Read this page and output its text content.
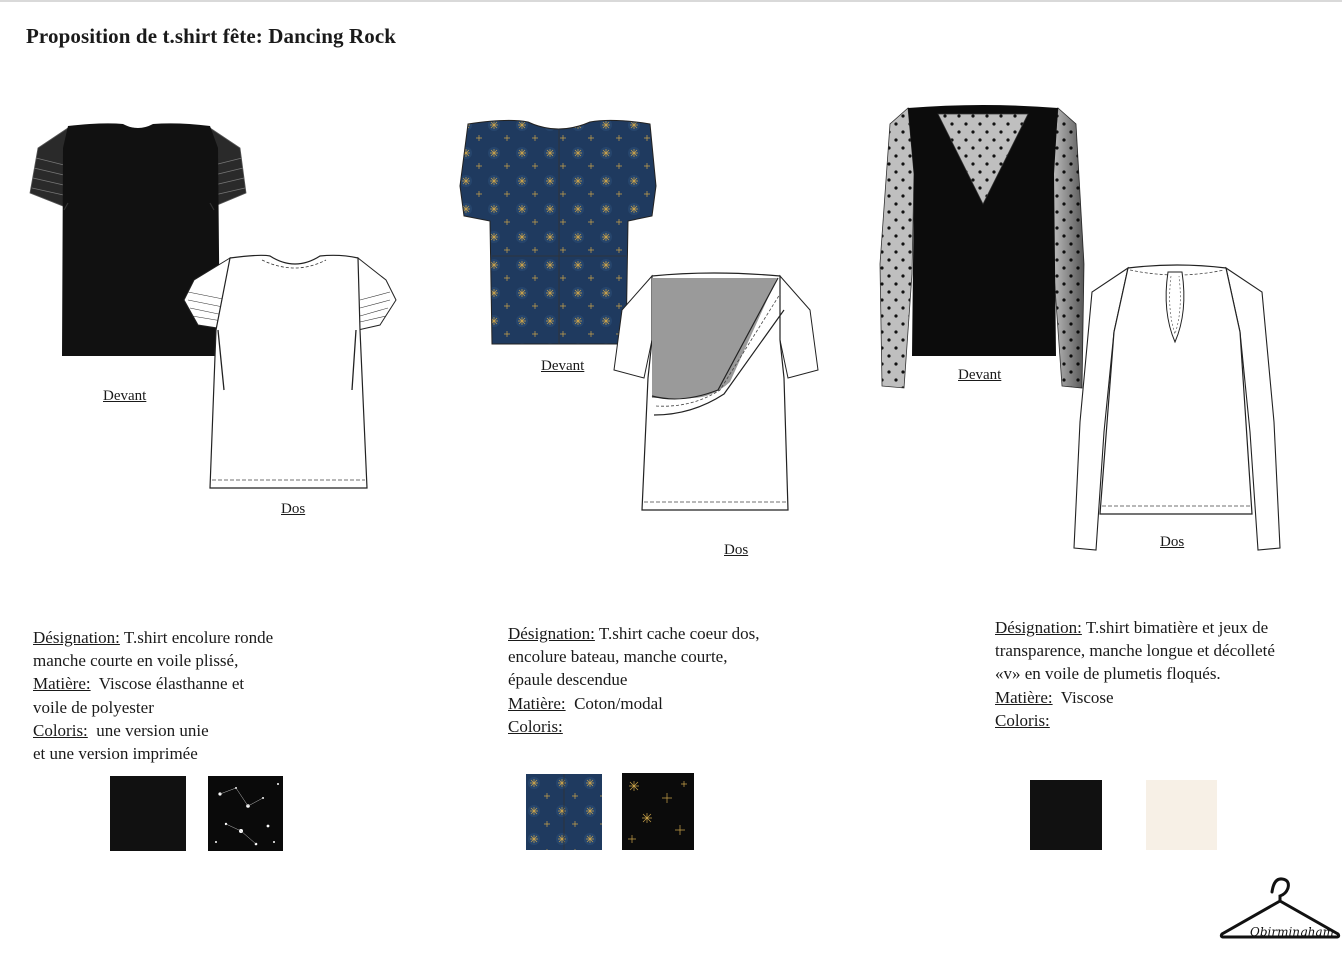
Proposition de t.shirt fête: Dancing Rock
Devant
Dos
Désignation: T.shirt encolure ronde
manche courte en voile plissé,
Matière: Viscose élasthanne et
voile de polyester
Coloris: une version unie
et une version imprimée
Devant
Dos
Désignation: T.shirt cache coeur dos,
encolure bateau, manche courte,
épaule descendue
Matière: Coton/modal
Coloris:
Devant
Dos
Désignation: T.shirt bimatière et jeux de
transparence, manche longue et décolleté
«v» en voile de plumetis floqués.
Matière: Viscose
Coloris:
Obirmingham
